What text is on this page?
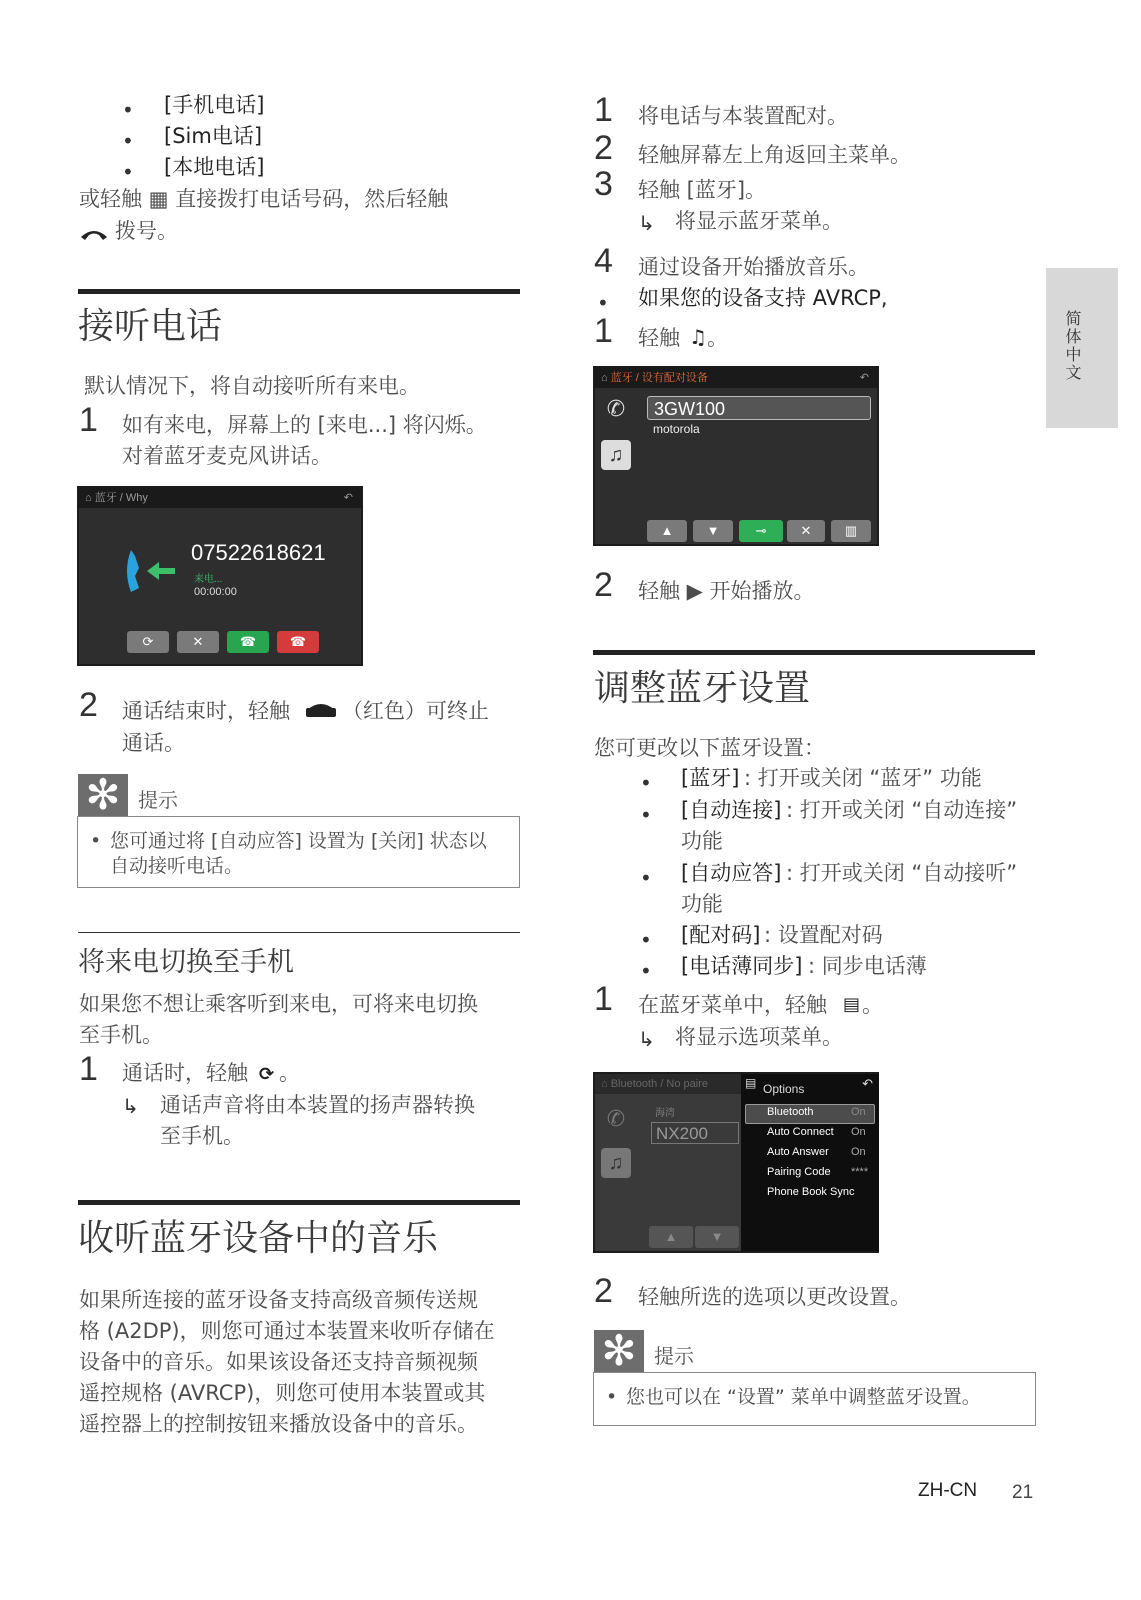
简体中文
• [手机电话]
• [Sim电话]
• [本地电话]
或轻触 ▦ 直接拨打电话号码，然后轻触
拨号。
接听电话
默认情况下，将自动接听所有来电。
1 如有来电，屏幕上的 [来电...] 将闪烁。
对着蓝牙麦克风讲话。
⌂ 蓝牙 / Why	↶
07522618621
来电...
00:00:00
⟳	✕	☎	☎
2 通话结束时，轻触 （红色）可终止
通话。
✻ 提示
• 您可通过将 [自动应答] 设置为 [关闭] 状态以
自动接听电话。
将来电切换至手机
如果您不想让乘客听到来电，可将来电切换
至手机。
1 通话时，轻触 ⟳ 。
↳ 通话声音将由本装置的扬声器转换
至手机。
收听蓝牙设备中的音乐
如果所连接的蓝牙设备支持高级音频传送规
格 (A2DP)，则您可通过本装置来收听存储在
设备中的音乐。如果该设备还支持音频视频
遥控规格 (AVRCP)，则您可使用本装置或其
遥控器上的控制按钮来播放设备中的音乐。
1 将电话与本装置配对。
2 轻触屏幕左上角返回主菜单。
3 轻触 [蓝牙]。
↳ 将显示蓝牙菜单。
4 通过设备开始播放音乐。
• 如果您的设备支持 AVRCP,
1 轻触 ♫ 。
⌂ 蓝牙 / 设有配对设备	↶
✆
♫
3GW100
motorola
▲	▼	⊸	✕	▥
2 轻触 ▶ 开始播放。
调整蓝牙设置
您可更改以下蓝牙设置：
• [蓝牙] : 打开或关闭 “蓝牙” 功能
• [自动连接] : 打开或关闭 “自动连接”
功能
• [自动应答] : 打开或关闭 “自动接听”
功能
• [配对码] : 设置配对码
• [电话薄同步] : 同步电话薄
1 在蓝牙菜单中，轻触 ▤ 。
↳ 将显示选项菜单。
⌂ Bluetooth / No paire
✆
♫
海湾
NX200
▲	▼
▤ Options	↶
Bluetooth	On
Auto Connect On
Auto Answer On
Pairing Code ****
Phone Book Sync
2 轻触所选的选项以更改设置。
✻ 提示
• 您也可以在 “设置” 菜单中调整蓝牙设置。
ZH-CN 21
